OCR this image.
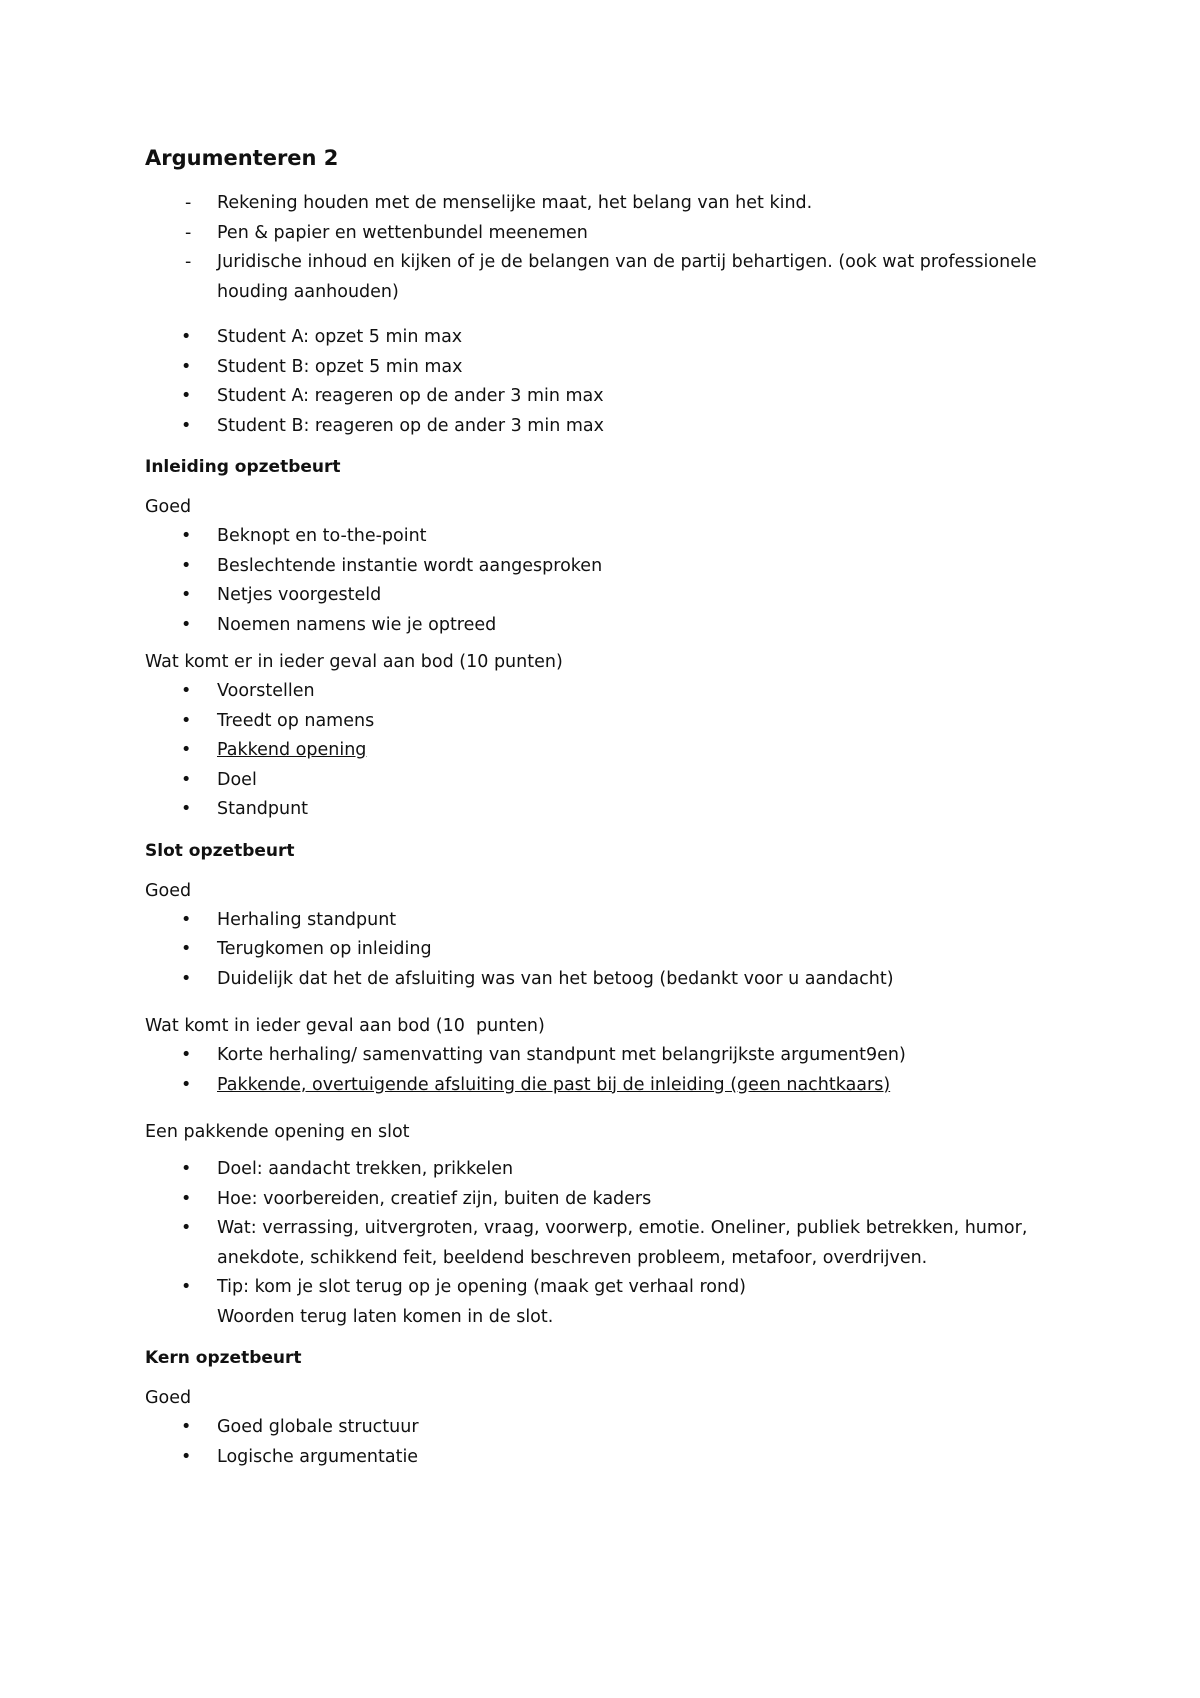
Argumenteren 2
- Rekening houden met de menselijke maat, het belang van het kind.
- Pen & papier en wettenbundel meenemen
- Juridische inhoud en kijken of je de belangen van de partij behartigen. (ook wat professionele houding aanhouden)
• Student A: opzet 5 min max
• Student B: opzet 5 min max
• Student A: reageren op de ander 3 min max
• Student B: reageren op de ander 3 min max
Inleiding opzetbeurt
Goed
• Beknopt en to-the-point
• Beslechtende instantie wordt aangesproken
• Netjes voorgesteld
• Noemen namens wie je optreed
Wat komt er in ieder geval aan bod (10 punten)
• Voorstellen
• Treedt op namens
• Pakkend opening
• Doel
• Standpunt
Slot opzetbeurt
Goed
• Herhaling standpunt
• Terugkomen op inleiding
• Duidelijk dat het de afsluiting was van het betoog (bedankt voor u aandacht)
Wat komt in ieder geval aan bod (10  punten)
• Korte herhaling/ samenvatting van standpunt met belangrijkste argument9en)
• Pakkende, overtuigende afsluiting die past bij de inleiding (geen nachtkaars)
Een pakkende opening en slot
• Doel: aandacht trekken, prikkelen
• Hoe: voorbereiden, creatief zijn, buiten de kaders
• Wat: verrassing, uitvergroten, vraag, voorwerp, emotie. Oneliner, publiek betrekken, humor, anekdote, schikkend feit, beeldend beschreven probleem, metafoor, overdrijven.
• Tip: kom je slot terug op je opening (maak get verhaal rond)
Woorden terug laten komen in de slot.
Kern opzetbeurt
Goed
• Goed globale structuur
• Logische argumentatie
